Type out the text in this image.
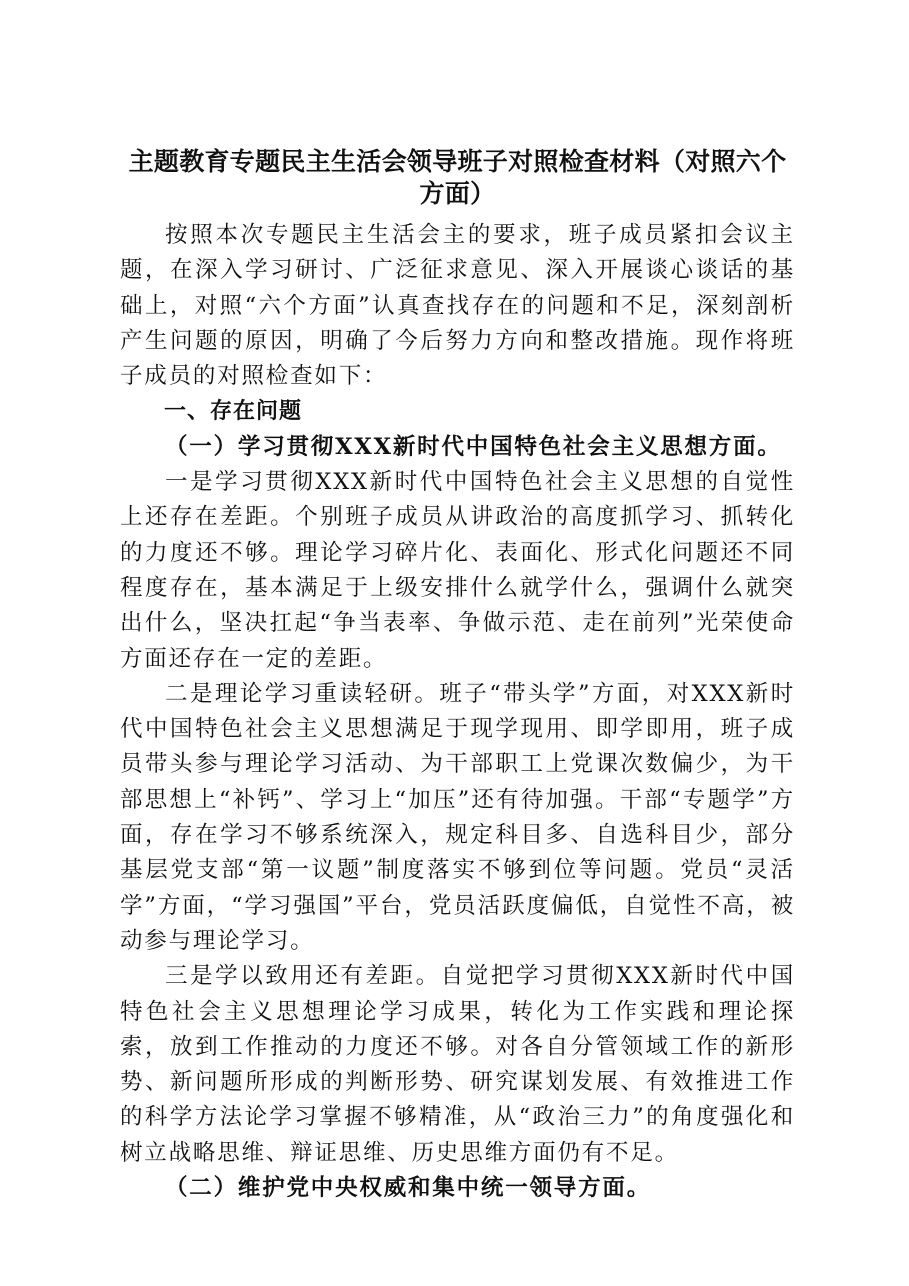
主题教育专题民主生活会领导班子对照检查材料（对照六个方面）

按照本次专题民主生活会主的要求，班子成员紧扣会议主题，在深入学习研讨、广泛征求意见、深入开展谈心谈话的基础上，对照“六个方面”认真查找存在的问题和不足，深刻剖析产生问题的原因，明确了今后努力方向和整改措施。现作将班子成员的对照检查如下：

一、存在问题

（一）学习贯彻XXX新时代中国特色社会主义思想方面。

一是学习贯彻XXX新时代中国特色社会主义思想的自觉性上还存在差距。个别班子成员从讲政治的高度抓学习、抓转化的力度还不够。理论学习碎片化、表面化、形式化问题还不同程度存在，基本满足于上级安排什么就学什么，强调什么就突出什么，坚决扛起“争当表率、争做示范、走在前列”光荣使命方面还存在一定的差距。

二是理论学习重读轻研。班子“带头学”方面，对XXX新时代中国特色社会主义思想满足于现学现用、即学即用，班子成员带头参与理论学习活动、为干部职工上党课次数偏少，为干部思想上“补钙”、学习上“加压”还有待加强。干部“专题学”方面，存在学习不够系统深入，规定科目多、自选科目少，部分基层党支部“第一议题”制度落实不够到位等问题。党员“灵活学”方面，“学习强国”平台，党员活跃度偏低，自觉性不高，被动参与理论学习。

三是学以致用还有差距。自觉把学习贯彻XXX新时代中国特色社会主义思想理论学习成果，转化为工作实践和理论探索，放到工作推动的力度还不够。对各自分管领域工作的新形势、新问题所形成的判断形势、研究谋划发展、有效推进工作的科学方法论学习掌握不够精准，从“政治三力”的角度强化和树立战略思维、辩证思维、历史思维方面仍有不足。

（二）维护党中央权威和集中统一领导方面。
